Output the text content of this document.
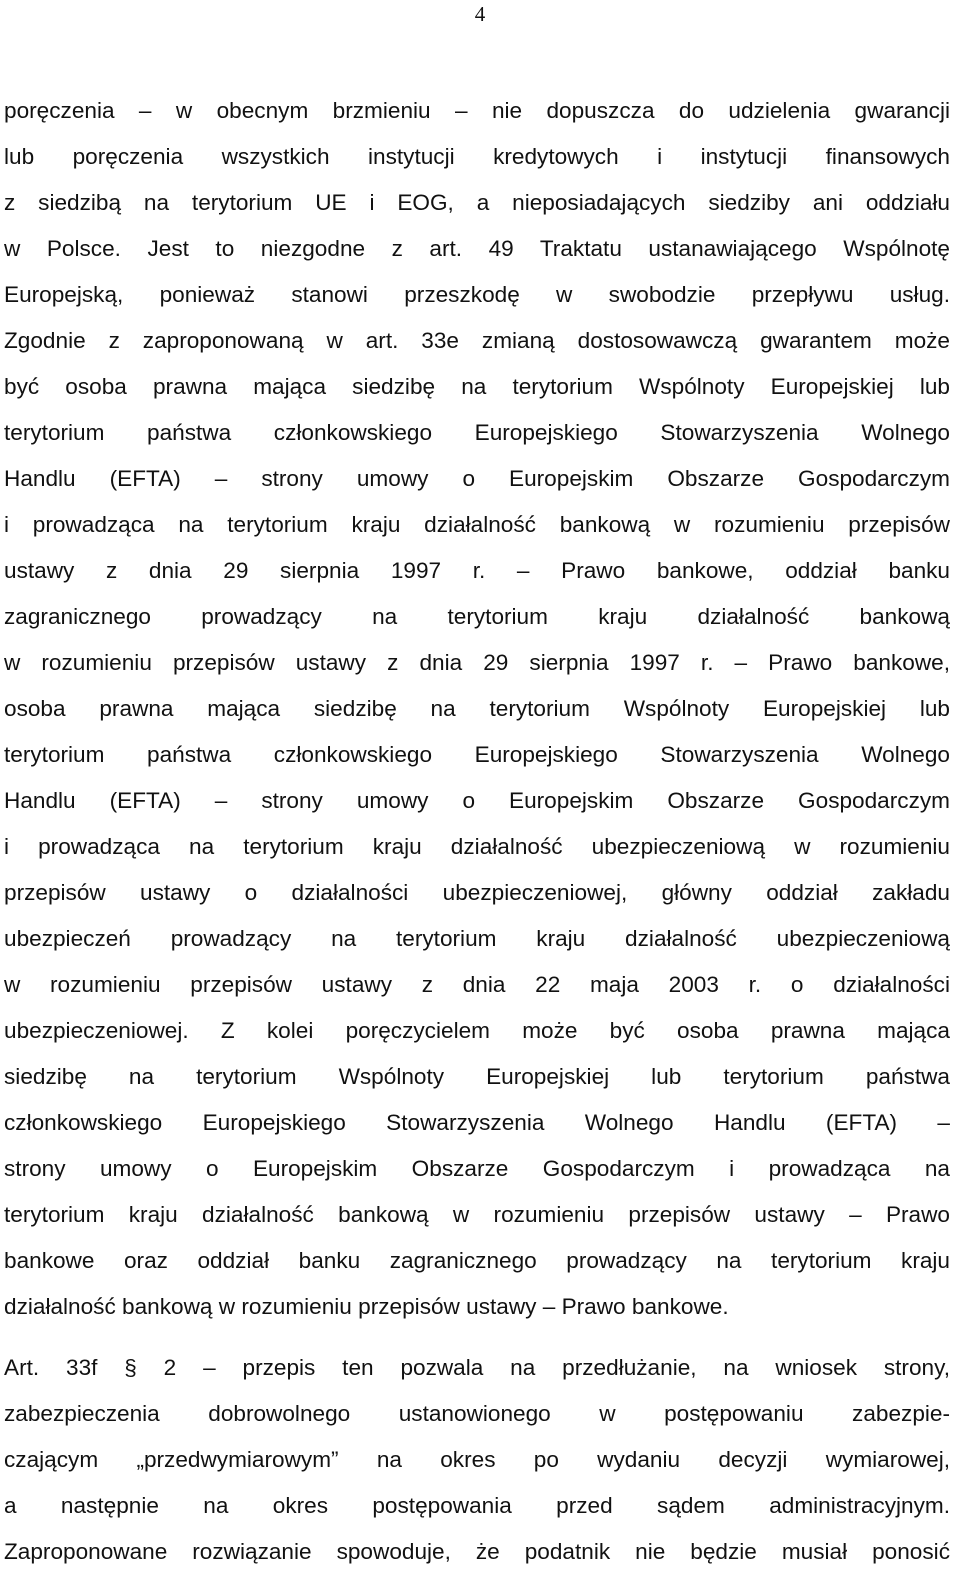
4
poręczenia – w obecnym brzmieniu – nie dopuszcza do udzielenia gwarancji
lub poręczenia wszystkich instytucji kredytowych i instytucji finansowych
z siedzibą na terytorium UE i EOG, a nieposiadających siedziby ani oddziału
w Polsce. Jest to niezgodne z art. 49 Traktatu ustanawiającego Wspólnotę
Europejską, ponieważ stanowi przeszkodę w swobodzie przepływu usług.
Zgodnie z zaproponowaną w art. 33e zmianą dostosowawczą gwarantem może
być osoba prawna mająca siedzibę na terytorium Wspólnoty Europejskiej lub
terytorium państwa członkowskiego Europejskiego Stowarzyszenia Wolnego
Handlu (EFTA) – strony umowy o Europejskim Obszarze Gospodarczym
i prowadząca na terytorium kraju działalność bankową w rozumieniu przepisów
ustawy z dnia 29 sierpnia 1997 r. – Prawo bankowe, oddział banku
zagranicznego prowadzący na terytorium kraju działalność bankową
w rozumieniu przepisów ustawy z dnia 29 sierpnia 1997 r. – Prawo bankowe,
osoba prawna mająca siedzibę na terytorium Wspólnoty Europejskiej lub
terytorium państwa członkowskiego Europejskiego Stowarzyszenia Wolnego
Handlu (EFTA) – strony umowy o Europejskim Obszarze Gospodarczym
i prowadząca na terytorium kraju działalność ubezpieczeniową w rozumieniu
przepisów ustawy o działalności ubezpieczeniowej, główny oddział zakładu
ubezpieczeń prowadzący na terytorium kraju działalność ubezpieczeniową
w rozumieniu przepisów ustawy z dnia 22 maja 2003 r. o działalności
ubezpieczeniowej. Z kolei poręczycielem może być osoba prawna mająca
siedzibę na terytorium Wspólnoty Europejskiej lub terytorium państwa
członkowskiego Europejskiego Stowarzyszenia Wolnego Handlu (EFTA) –
strony umowy o Europejskim Obszarze Gospodarczym i prowadząca na
terytorium kraju działalność bankową w rozumieniu przepisów ustawy – Prawo
bankowe oraz oddział banku zagranicznego prowadzący na terytorium kraju
działalność bankową w rozumieniu przepisów ustawy – Prawo bankowe.
Art. 33f § 2 – przepis ten pozwala na przedłużanie, na wniosek strony,
zabezpieczenia dobrowolnego ustanowionego w postępowaniu zabezpie-
czającym „przedwymiarowym” na okres po wydaniu decyzji wymiarowej,
a następnie na okres postępowania przed sądem administracyjnym.
Zaproponowane rozwiązanie spowoduje, że podatnik nie będzie musiał ponosić
